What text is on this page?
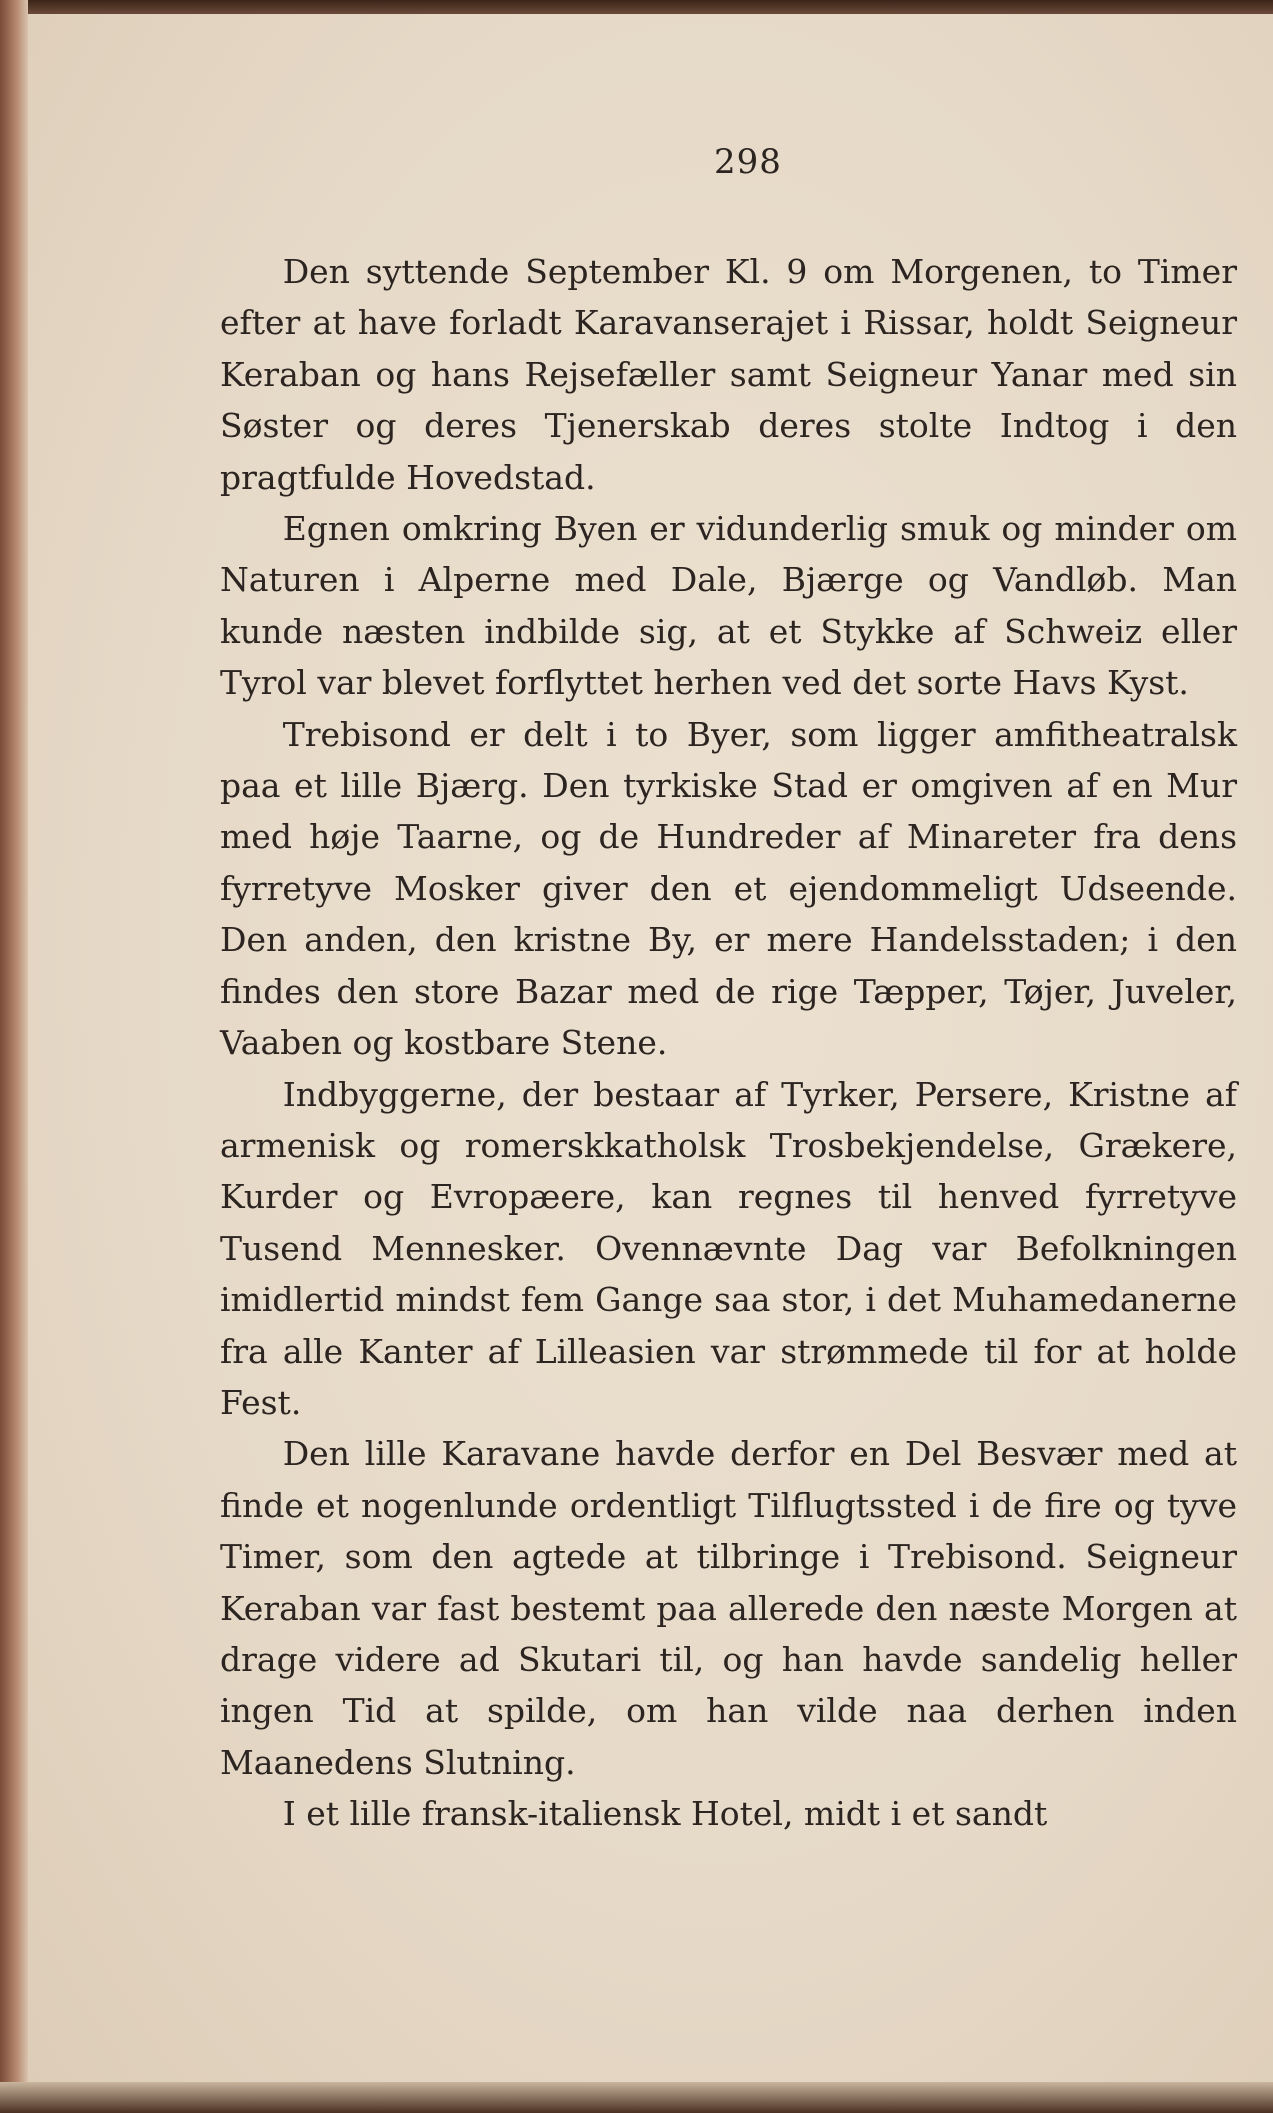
298

Den syttende September Kl. 9 om Morgenen, to Timer efter at have forladt Karavanserajet i Rissar, holdt Seigneur Keraban og hans Rejsefæller samt Seigneur Yanar med sin Søster og deres Tjenerskab deres stolte Indtog i den pragtfulde Hovedstad.

Egnen omkring Byen er vidunderlig smuk og minder om Naturen i Alperne med Dale, Bjærge og Vandløb. Man kunde næsten indbilde sig, at et Stykke af Schweiz eller Tyrol var blevet forflyttet herhen ved det sorte Havs Kyst.

Trebisond er delt i to Byer, som ligger amfitheatralsk paa et lille Bjærg. Den tyrkiske Stad er omgiven af en Mur med høje Taarne, og de Hundreder af Minareter fra dens fyrretyve Mosker giver den et ejendommeligt Udseende. Den anden, den kristne By, er mere Handelsstaden; i den findes den store Bazar med de rige Tæpper, Tøjer, Juveler, Vaaben og kostbare Stene.

Indbyggerne, der bestaar af Tyrker, Persere, Kristne af armenisk og romerskkatholsk Trosbekjendelse, Grækere, Kurder og Evropæere, kan regnes til henved fyrretyve Tusend Mennesker. Ovennævnte Dag var Befolkningen imidlertid mindst fem Gange saa stor, i det Muhamedanerne fra alle Kanter af Lilleasien var strømmede til for at holde Fest.

Den lille Karavane havde derfor en Del Besvær med at finde et nogenlunde ordentligt Tilflugtssted i de fire og tyve Timer, som den agtede at tilbringe i Trebisond. Seigneur Keraban var fast bestemt paa allerede den næste Morgen at drage videre ad Skutari til, og han havde sandelig heller ingen Tid at spilde, om han vilde naa derhen inden Maanedens Slutning.

I et lille fransk-italiensk Hotel, midt i et sandt
